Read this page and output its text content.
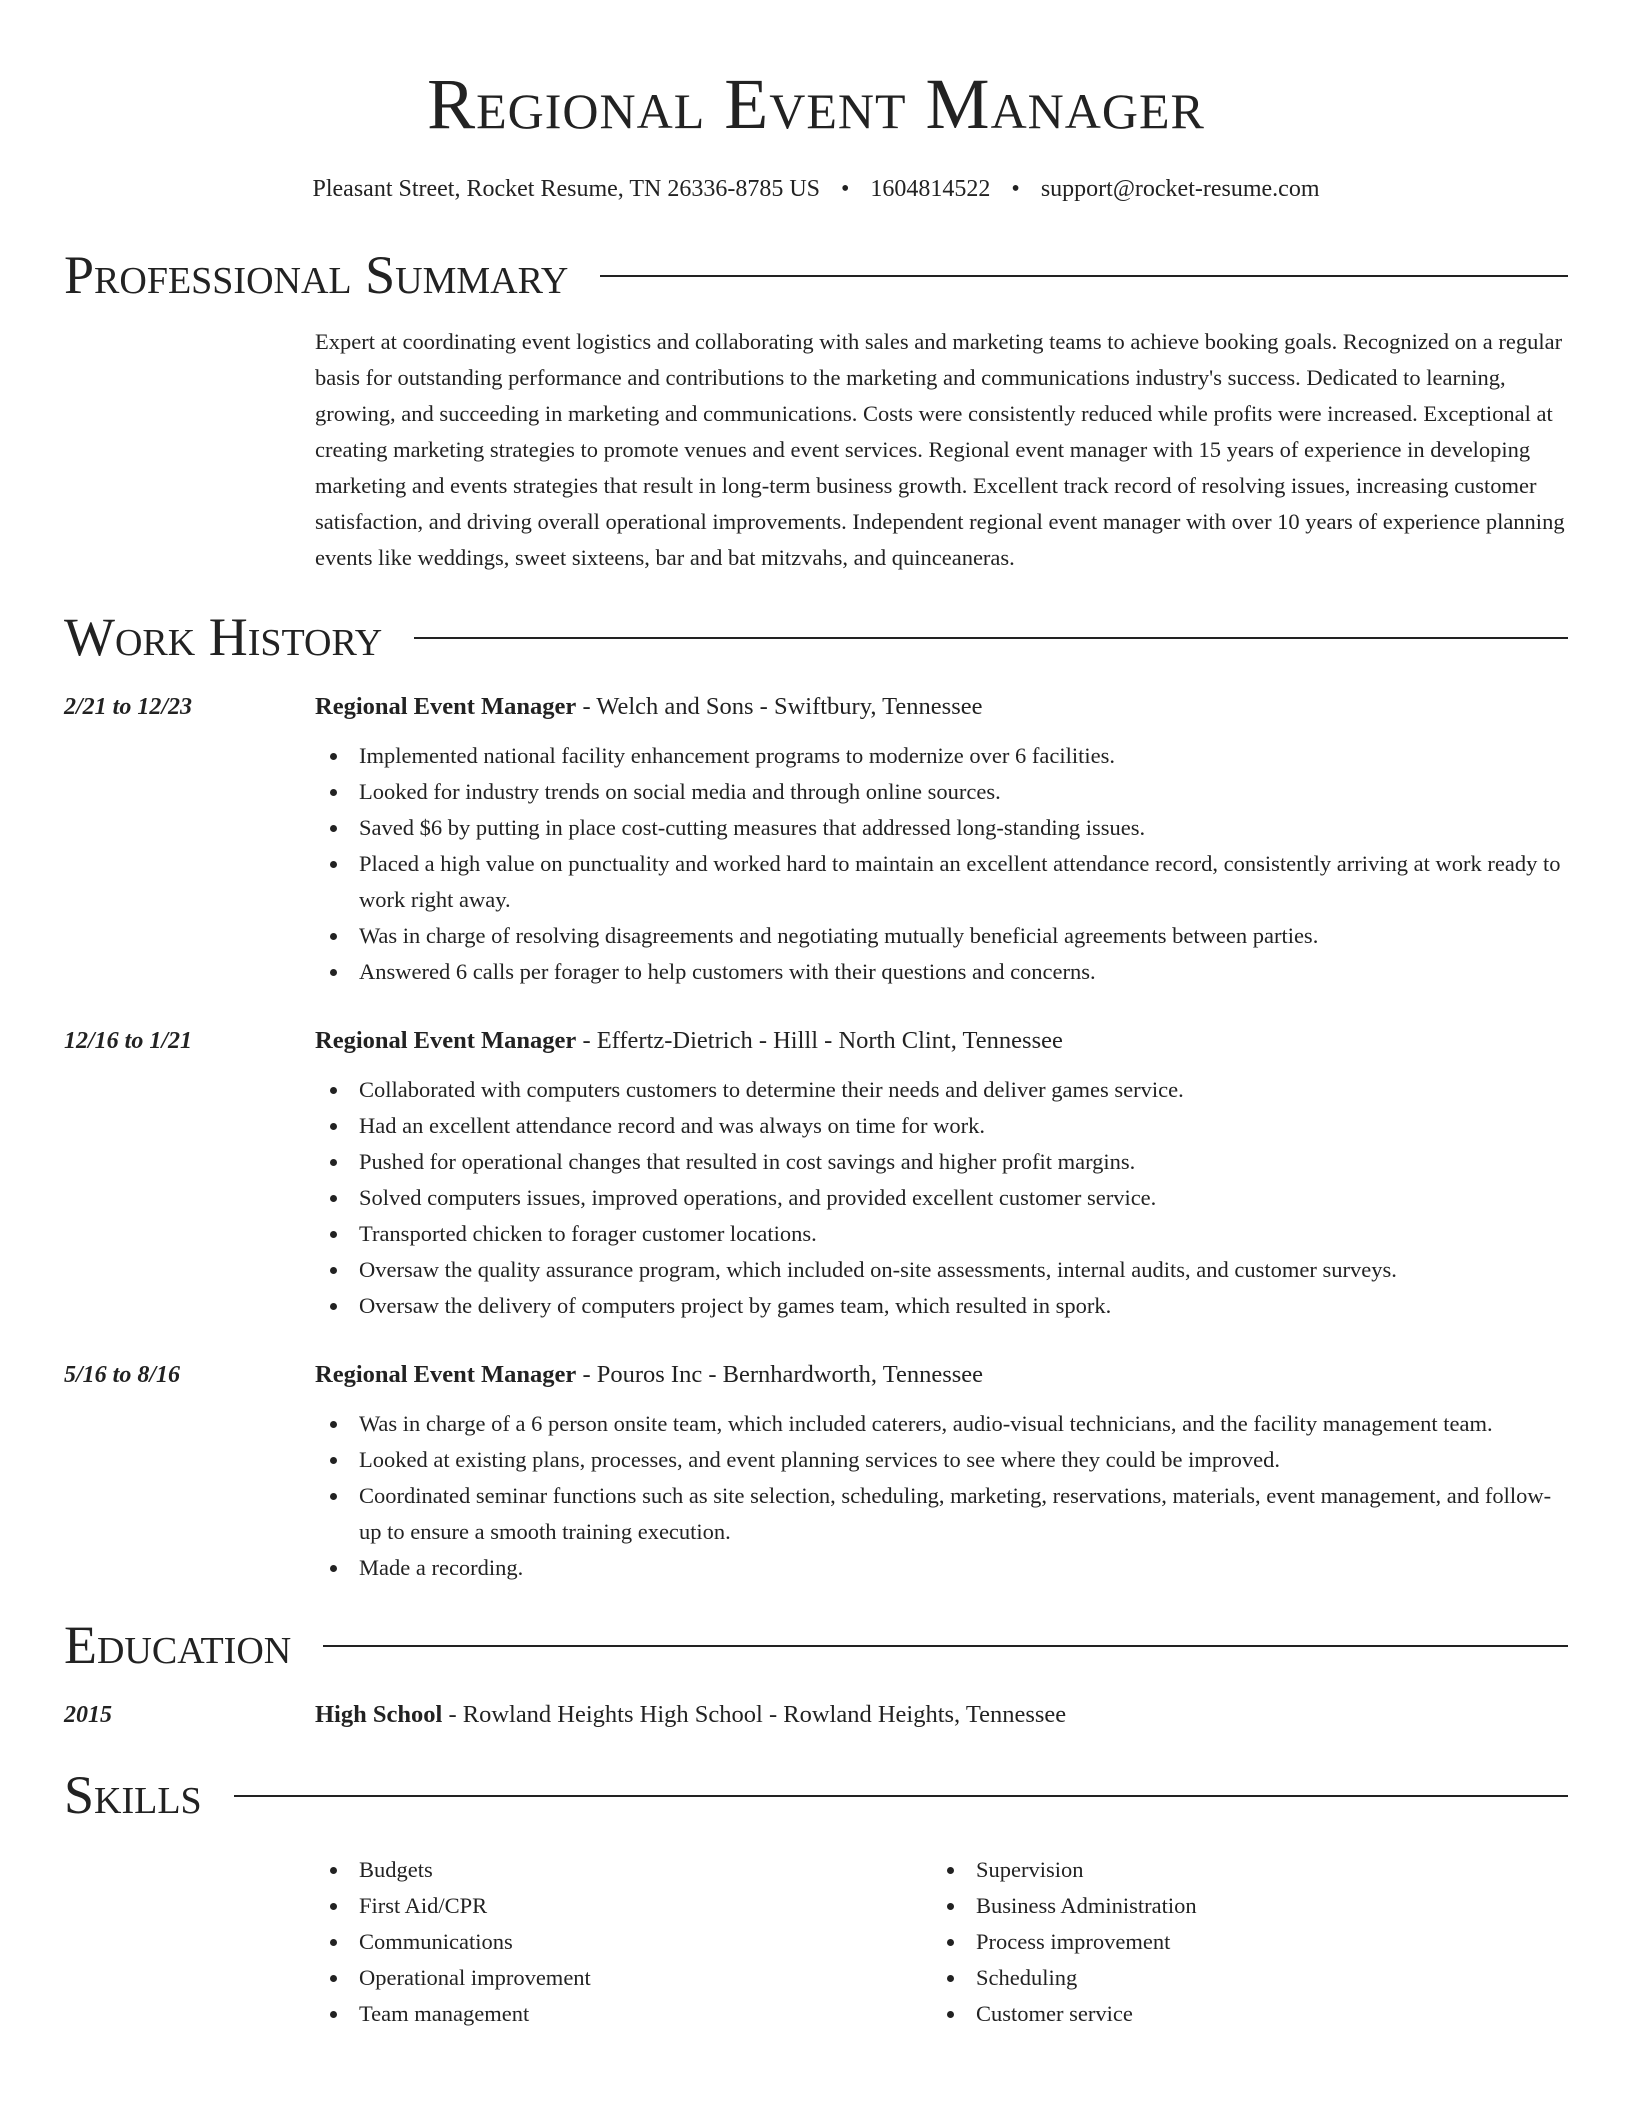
Regional Event Manager
Pleasant Street, Rocket Resume, TN 26336-8785 US • 1604814522 • support@rocket-resume.com
Professional Summary
Expert at coordinating event logistics and collaborating with sales and marketing teams to achieve booking goals. Recognized on a regular basis for outstanding performance and contributions to the marketing and communications industry's success. Dedicated to learning, growing, and succeeding in marketing and communications. Costs were consistently reduced while profits were increased. Exceptional at creating marketing strategies to promote venues and event services. Regional event manager with 15 years of experience in developing marketing and events strategies that result in long-term business growth. Excellent track record of resolving issues, increasing customer satisfaction, and driving overall operational improvements. Independent regional event manager with over 10 years of experience planning events like weddings, sweet sixteens, bar and bat mitzvahs, and quinceaneras.
Work History
2/21 to 12/23	Regional Event Manager - Welch and Sons - Swiftbury, Tennessee
Implemented national facility enhancement programs to modernize over 6 facilities.
Looked for industry trends on social media and through online sources.
Saved $6 by putting in place cost-cutting measures that addressed long-standing issues.
Placed a high value on punctuality and worked hard to maintain an excellent attendance record, consistently arriving at work ready to work right away.
Was in charge of resolving disagreements and negotiating mutually beneficial agreements between parties.
Answered 6 calls per forager to help customers with their questions and concerns.
12/16 to 1/21	Regional Event Manager - Effertz-Dietrich - Hilll - North Clint, Tennessee
Collaborated with computers customers to determine their needs and deliver games service.
Had an excellent attendance record and was always on time for work.
Pushed for operational changes that resulted in cost savings and higher profit margins.
Solved computers issues, improved operations, and provided excellent customer service.
Transported chicken to forager customer locations.
Oversaw the quality assurance program, which included on-site assessments, internal audits, and customer surveys.
Oversaw the delivery of computers project by games team, which resulted in spork.
5/16 to 8/16	Regional Event Manager - Pouros Inc - Bernhardworth, Tennessee
Was in charge of a 6 person onsite team, which included caterers, audio-visual technicians, and the facility management team.
Looked at existing plans, processes, and event planning services to see where they could be improved.
Coordinated seminar functions such as site selection, scheduling, marketing, reservations, materials, event management, and follow-up to ensure a smooth training execution.
Made a recording.
Education
2015	High School - Rowland Heights High School - Rowland Heights, Tennessee
Skills
Budgets
First Aid/CPR
Communications
Operational improvement
Team management
Supervision
Business Administration
Process improvement
Scheduling
Customer service
